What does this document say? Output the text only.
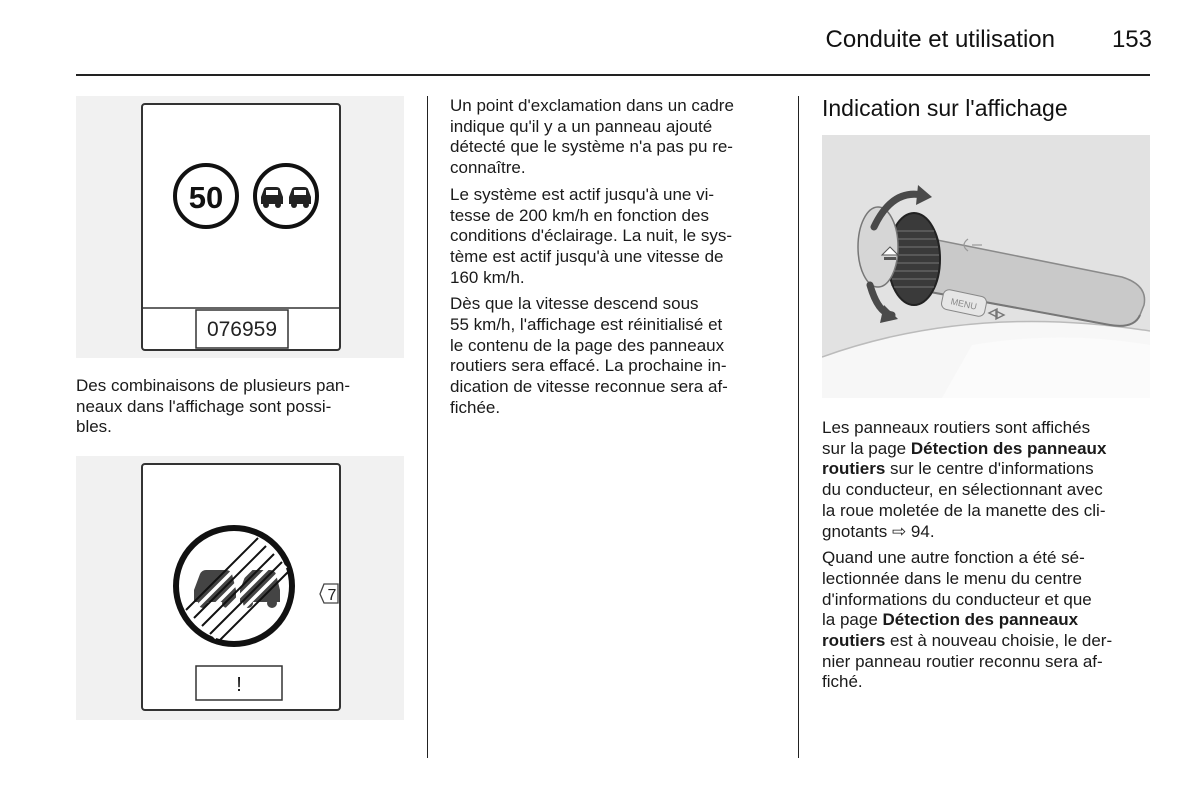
Conduite et utilisation	153
50
076959
Des combinaisons de plusieurs pan-
neaux dans l'affichage sont possi-
bles.
7
!

Un point d'exclamation dans un cadre
indique qu'il y a un panneau ajouté
détecté que le système n'a pas pu re-
connaître.

Le système est actif jusqu'à une vi-
tesse de 200 km/h en fonction des
conditions d'éclairage. La nuit, le sys-
tème est actif jusqu'à une vitesse de
160 km/h.

Dès que la vitesse descend sous
55 km/h, l'affichage est réinitialisé et
le contenu de la page des panneaux
routiers sera effacé. La prochaine in-
dication de vitesse reconnue sera af-
fichée.

Indication sur l'affichage
MENU

Les panneaux routiers sont affichés
sur la page Détection des panneaux
routiers sur le centre d'informations
du conducteur, en sélectionnant avec
la roue moletée de la manette des cli-
gnotants ⇨ 94.

Quand une autre fonction a été sé-
lectionnée dans le menu du centre
d'informations du conducteur et que
la page Détection des panneaux
routiers est à nouveau choisie, le der-
nier panneau routier reconnu sera af-
fiché.
